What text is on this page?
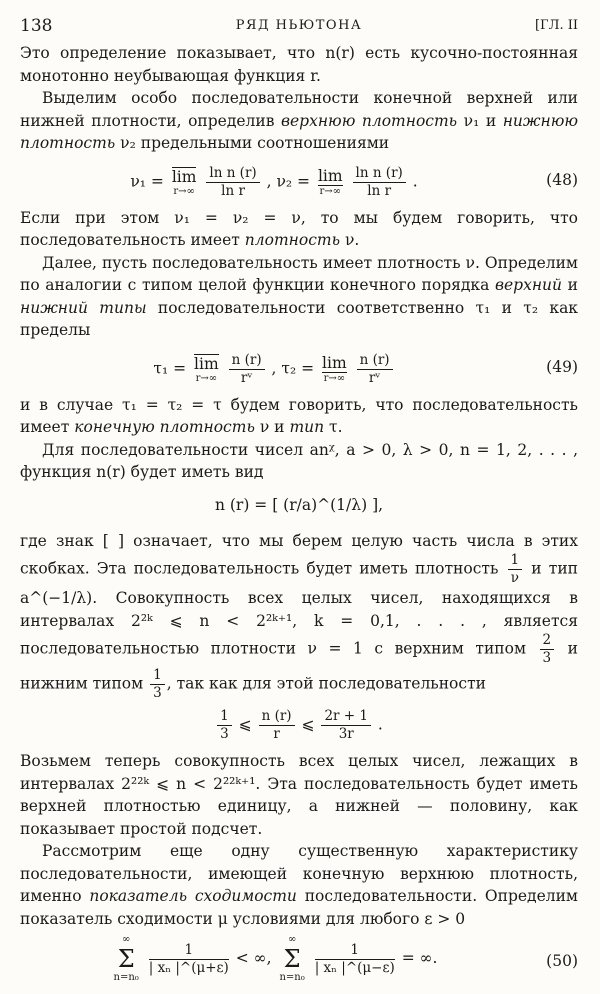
138	РЯД НЬЮТОНА	[ГЛ. II

Это определение показывает, что n(r) есть кусочно-постоянная монотонно неубывающая функция r.

Выделим особо последовательности конечной верхней или нижней плотности, определив верхнюю плотность ν₁ и нижнюю плотность ν₂ предельными соотношениями

ν₁ = lim
r→∞
$\frac{\text{ln n (r)}}{\text{ln r}}$ , ν₂ = lim
r→∞
$\frac{\text{ln n (r)}}{\text{ln r}}$ .	(48)

Если при этом ν₁ = ν₂ = ν, то мы будем говорить, что последовательность имеет плотность ν.

Далее, пусть последовательность имеет плотность ν. Определим по аналогии с типом целой функции конечного порядка верхний и нижний типы последовательности соответственно τ₁ и τ₂ как пределы

τ₁ = lim
r→∞
$\frac{n (r)}{\text{rᵛ}}$ , τ₂ = lim
r→∞
$\frac{n (r)}{\text{rᵛ}}$	(49)

и в случае τ₁ = τ₂ = τ будем говорить, что последовательность имеет конечную плотность ν и тип τ.

Для последовательности чисел anᵡ, a > 0, λ > 0, n = 1, 2, . . . , функция n(r) будет иметь вид

n (r) = [ (r/a)^(1/λ) ],

где знак [ ] означает, что мы берем целую часть числа в этих скобках. Эта последовательность будет иметь плотность $\frac{1}{\nu}$ и тип a^(−1/λ). Совокупность всех целых чисел, находящихся в интервалах 2²ᵏ ⩽ n < 2²ᵏ⁺¹, k = 0,1, . . . , является последовательностью плотности ν = 1 с верхним типом $\frac{2}{3}$ и нижним типом $\frac{1}{3}$ , так как для этой последовательности

$\frac{1}{3}$ ⩽ $\frac{n (r)}{r}$ ⩽ $\frac{2r + 1}{3r}$ .

Возьмем теперь совокупность всех целых чисел, лежащих в интервалах 2²²ᵏ ⩽ n < 2²²ᵏ⁺¹. Эта последовательность будет иметь верхней плотностью единицу, а нижней — половину, как показывает простой подсчет.

Рассмотрим еще одну существенную характеристику последовательности, имеющей конечную верхнюю плотность, именно показатель сходимости последовательности. Определим показатель сходимости μ условиями для любого ε > 0

∞
Σ
n=n₀

$\frac{1}{\text{| xₙ |\textasciicircum{}(μ+ε)}}$ < ∞,
∞
Σ
n=n₀

$\frac{1}{\text{| xₙ |\textasciicircum{}(μ−ε)}}$ = ∞.	(50)
